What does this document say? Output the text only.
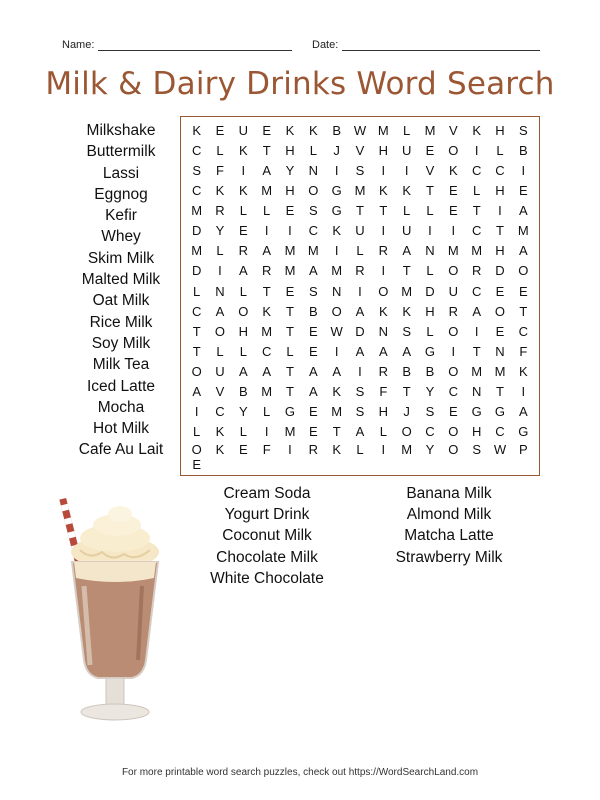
Name:	Date:
Milk & Dairy Drinks Word Search
Milkshake
Buttermilk
Lassi
Eggnog
Kefir
Whey
Skim Milk
Malted Milk
Oat Milk
Rice Milk
Soy Milk
Milk Tea
Iced Latte
Mocha
Hot Milk
Cafe Au Lait
K	E	U	E	K	K	B W M	L	M	V	K	H	S
C	L	K	T	H	L	J	V	H	U	E	O	I	L	B
S	F	I	A	Y	N	I	S	I	I	V	K	C	C	I
C	K	K	M	H	O	G M	K	K	T	E	L	H	E
M	R	L	L	E	S	G	T	T	L	L	E	T	I	A
D	Y	E	I	I	C	K	U	I	U	I	I	C	T	M
M	L	R	A	M M	I	L	R	A	N	M M	H	A
D	I	A	R	M	A	M	R	I	T	L	O	R	D	O
L	N	L	T	E	S	N	I	O M	D	U	C	E	E
C	A	O	K	T	B	O	A	K	K	H	R	A	O	T
T	O	H	M	T	E W D	N	S	L	O	I	E	C
T	L	L	C	L	E	I	A	A	A	G	I	T	N	F
O	U	A	A	T	A	A	I	R	B	B	O M M	K
A	V	B	M	T	A	K	S	F	T	Y	C	N	T	I
I	C	Y	L	G	E	M	S	H	J	S	E	G	G	A
L	K	L	I	M	E	T	A	L	O	C	O	H	C	G
O	K	E	F	I	R	K	L	I	M	Y	O	S W P
E
Cream Soda
Yogurt Drink
Coconut Milk
Chocolate Milk
White Chocolate
Banana Milk
Almond Milk
Matcha Latte
Strawberry Milk
For more printable word search puzzles, check out https://WordSearchLand.com
